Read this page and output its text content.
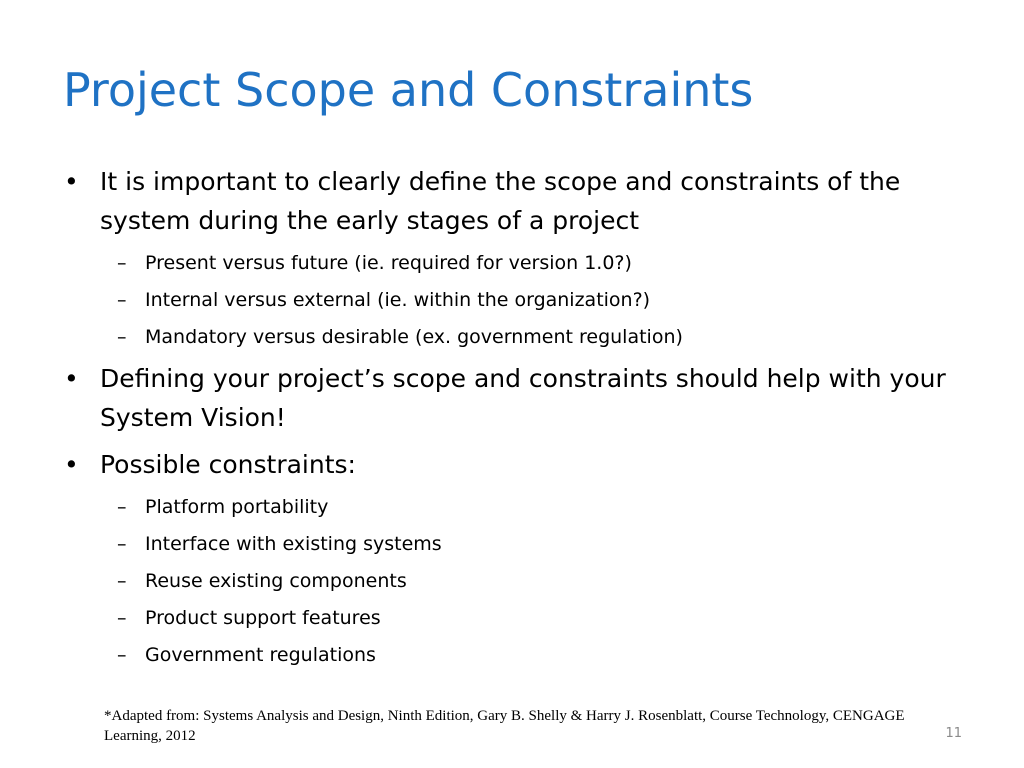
Project Scope and Constraints
• It is important to clearly define the scope and constraints of the system during the early stages of a project
– Present versus future (ie. required for version 1.0?)
– Internal versus external (ie. within the organization?)
– Mandatory versus desirable (ex. government regulation)
• Defining your project’s scope and constraints should help with your System Vision!
• Possible constraints:
– Platform portability
– Interface with existing systems
– Reuse existing components
– Product support features
– Government regulations
*Adapted from: Systems Analysis and Design, Ninth Edition, Gary B. Shelly & Harry J. Rosenblatt, Course Technology, CENGAGE Learning, 2012	11
